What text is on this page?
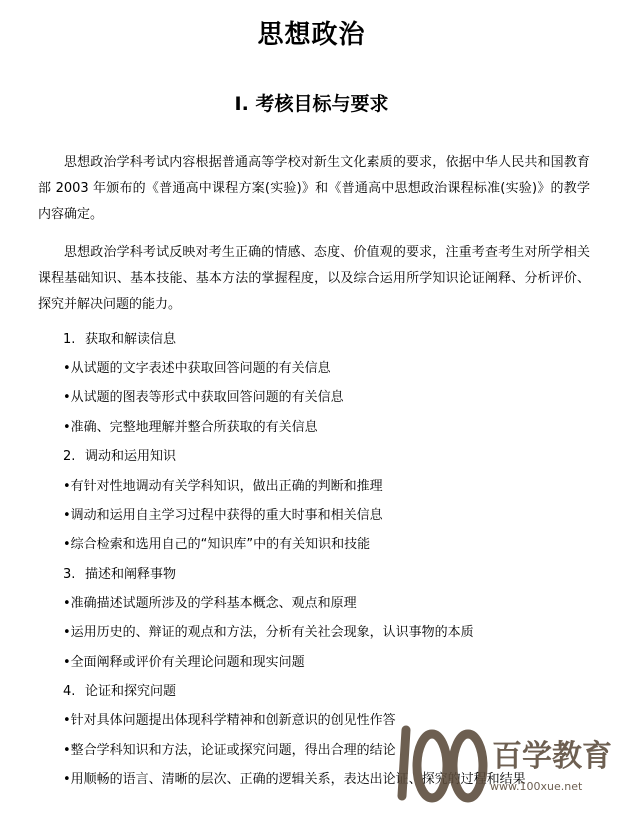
思想政治
Ⅰ. 考核目标与要求
思想政治学科考试内容根据普通高等学校对新生文化素质的要求，依据中华人民共和国教育部 2003 年颁布的《普通高中课程方案(实验)》和《普通高中思想政治课程标准(实验)》的教学内容确定。
思想政治学科考试反映对考生正确的情感、态度、价值观的要求，注重考查考生对所学相关课程基础知识、基本技能、基本方法的掌握程度，以及综合运用所学知识论证阐释、分析评价、探究并解决问题的能力。
1. 获取和解读信息
•从试题的文字表述中获取回答问题的有关信息
•从试题的图表等形式中获取回答问题的有关信息
•准确、完整地理解并整合所获取的有关信息
2. 调动和运用知识
•有针对性地调动有关学科知识，做出正确的判断和推理
•调动和运用自主学习过程中获得的重大时事和相关信息
•综合检索和选用自己的“知识库”中的有关知识和技能
3. 描述和阐释事物
•准确描述试题所涉及的学科基本概念、观点和原理
•运用历史的、辩证的观点和方法，分析有关社会现象，认识事物的本质
•全面阐释或评价有关理论问题和现实问题
4. 论证和探究问题
•针对具体问题提出体现科学精神和创新意识的创见性作答
•整合学科知识和方法，论证或探究问题，得出合理的结论
•用顺畅的语言、清晰的层次、正确的逻辑关系，表达出论证、探究的过程和结果
百学教育
www.100xue.net
